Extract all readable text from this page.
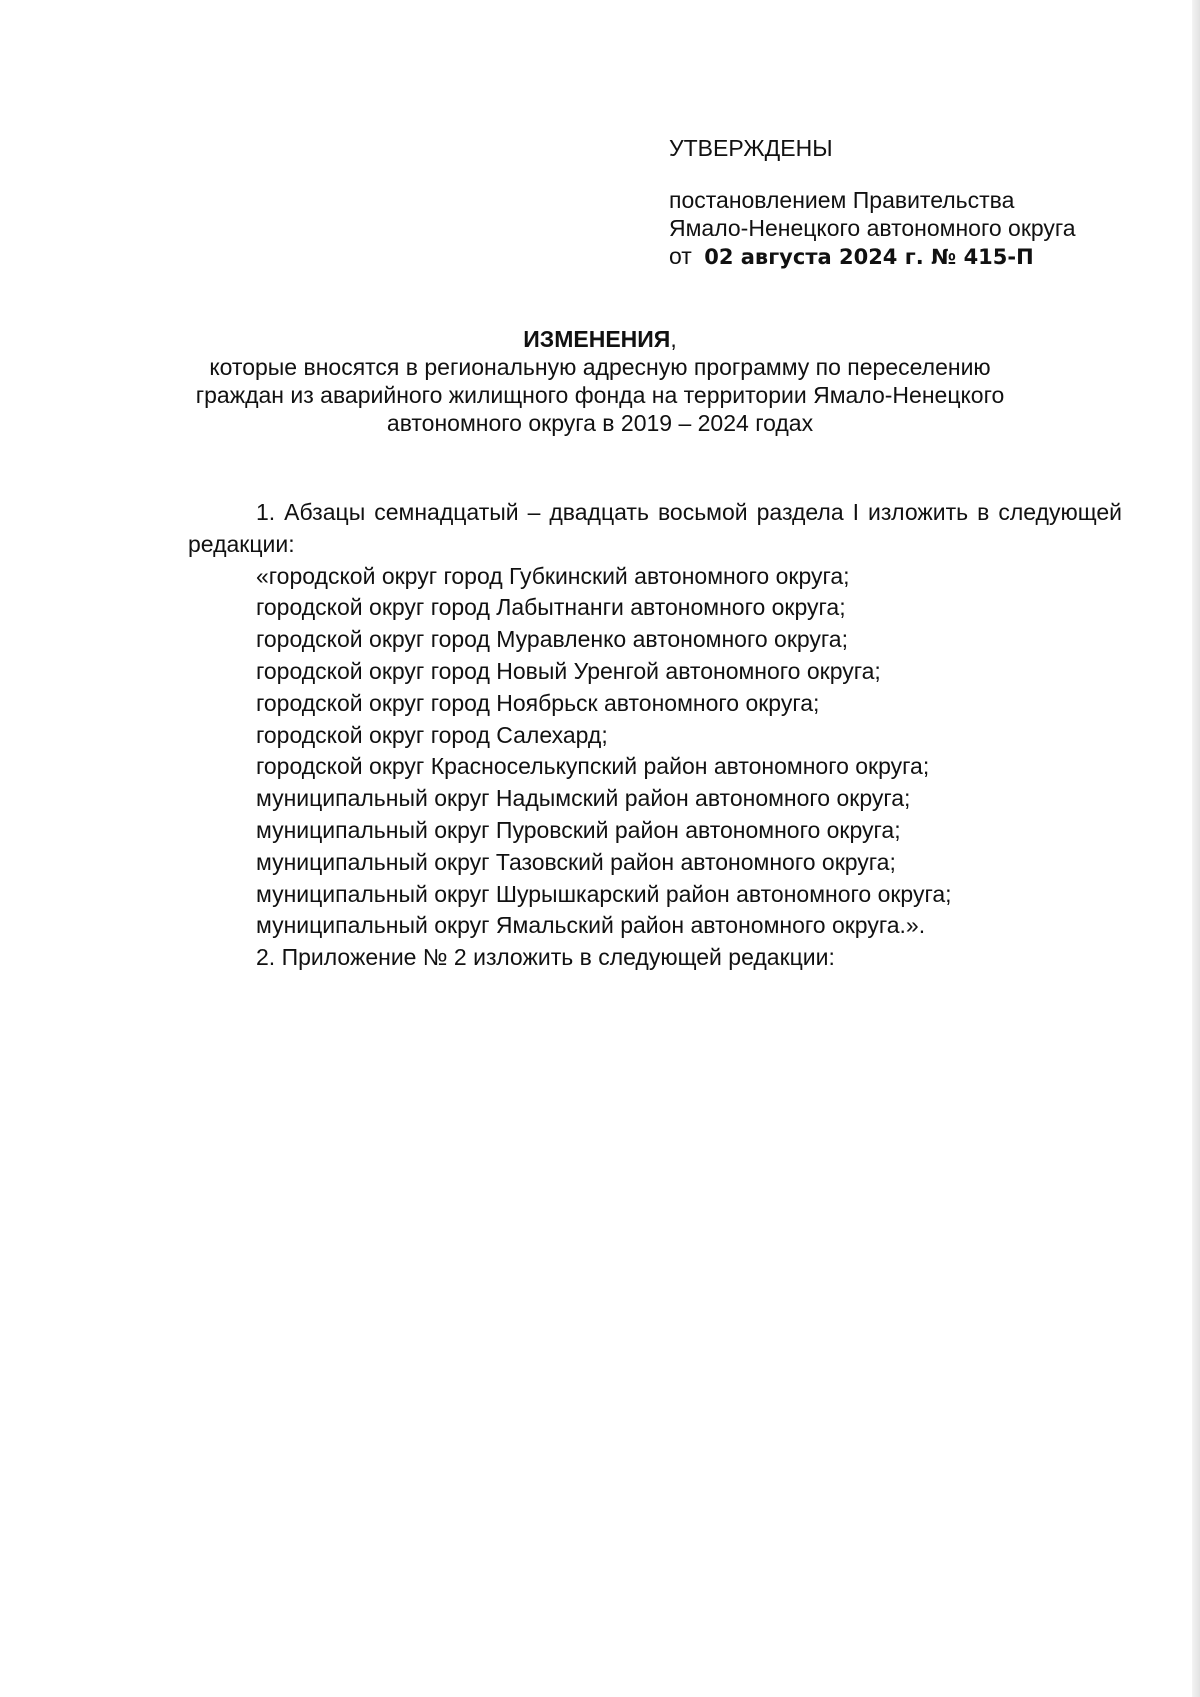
УТВЕРЖДЕНЫ
постановлением Правительства
Ямало-Ненецкого автономного округа
от 02 августа 2024 г. № 415-П
ИЗМЕНЕНИЯ,
которые вносятся в региональную адресную программу по переселению
граждан из аварийного жилищного фонда на территории Ямало-Ненецкого
автономного округа в 2019 – 2024 годах

1. Абзацы семнадцатый – двадцать восьмой раздела I изложить в следующей редакции:

«городской округ город Губкинский автономного округа;

городской округ город Лабытнанги автономного округа;

городской округ город Муравленко автономного округа;

городской округ город Новый Уренгой автономного округа;

городской округ город Ноябрьск автономного округа;

городской округ город Салехард;

городской округ Красноселькупский район автономного округа;

муниципальный округ Надымский район автономного округа;

муниципальный округ Пуровский район автономного округа;

муниципальный округ Тазовский район автономного округа;

муниципальный округ Шурышкарский район автономного округа;

муниципальный округ Ямальский район автономного округа.».

2. Приложение № 2 изложить в следующей редакции:
